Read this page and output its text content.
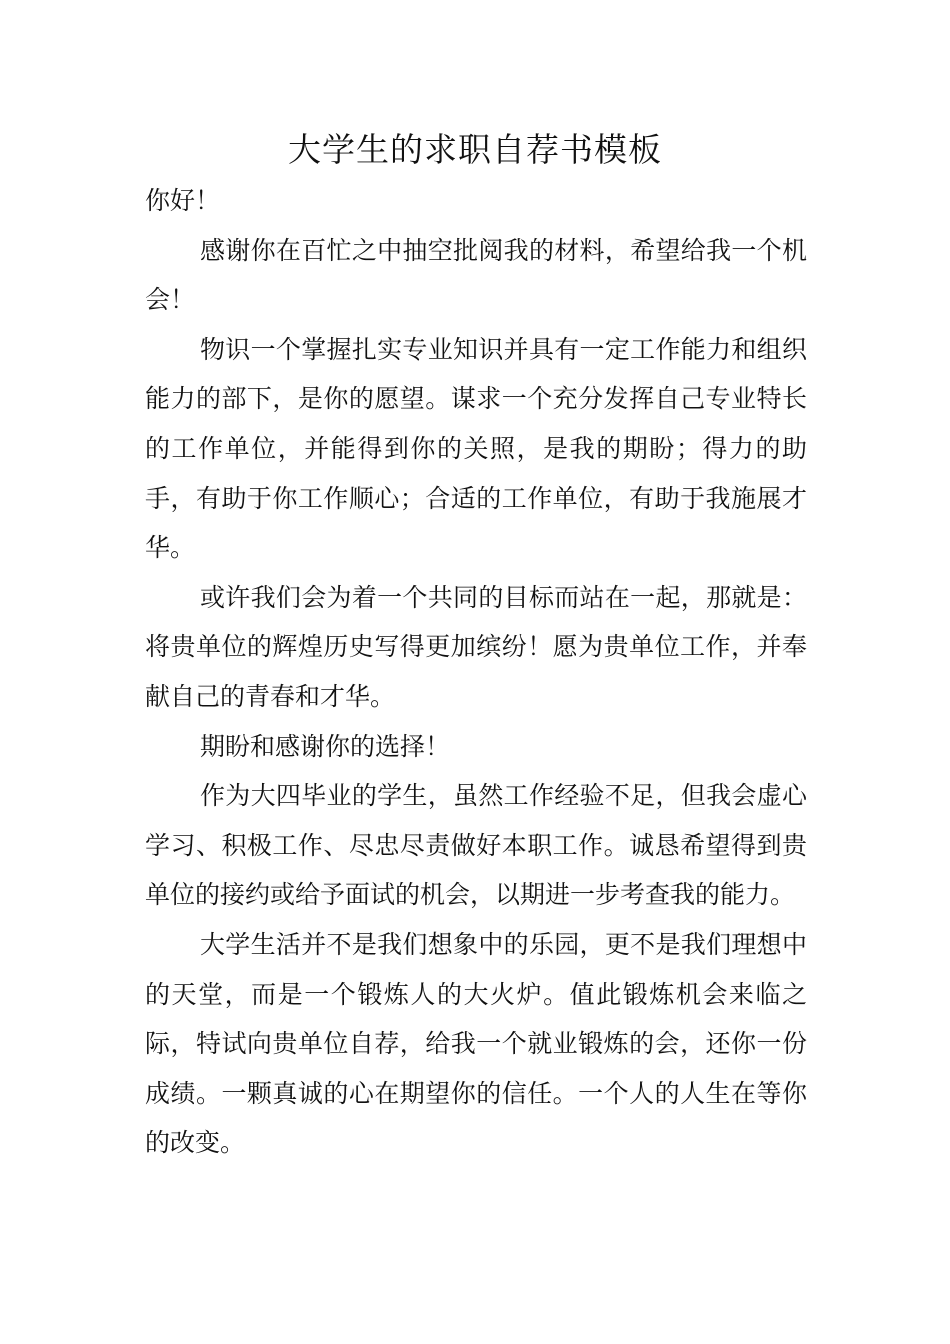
大学生的求职自荐书模板

你好！

感谢你在百忙之中抽空批阅我的材料，希望给我一个机会！

物识一个掌握扎实专业知识并具有一定工作能力和组织能力的部下，是你的愿望。谋求一个充分发挥自己专业特长的工作单位，并能得到你的关照，是我的期盼；得力的助手，有助于你工作顺心；合适的工作单位，有助于我施展才华。

或许我们会为着一个共同的目标而站在一起，那就是：将贵单位的辉煌历史写得更加缤纷！愿为贵单位工作，并奉献自己的青春和才华。

期盼和感谢你的选择！

作为大四毕业的学生，虽然工作经验不足，但我会虚心学习、积极工作、尽忠尽责做好本职工作。诚恳希望得到贵单位的接约或给予面试的机会，以期进一步考查我的能力。

大学生活并不是我们想象中的乐园，更不是我们理想中的天堂，而是一个锻炼人的大火炉。值此锻炼机会来临之际，特试向贵单位自荐，给我一个就业锻炼的会，还你一份成绩。一颗真诚的心在期望你的信任。一个人的人生在等你的改变。
